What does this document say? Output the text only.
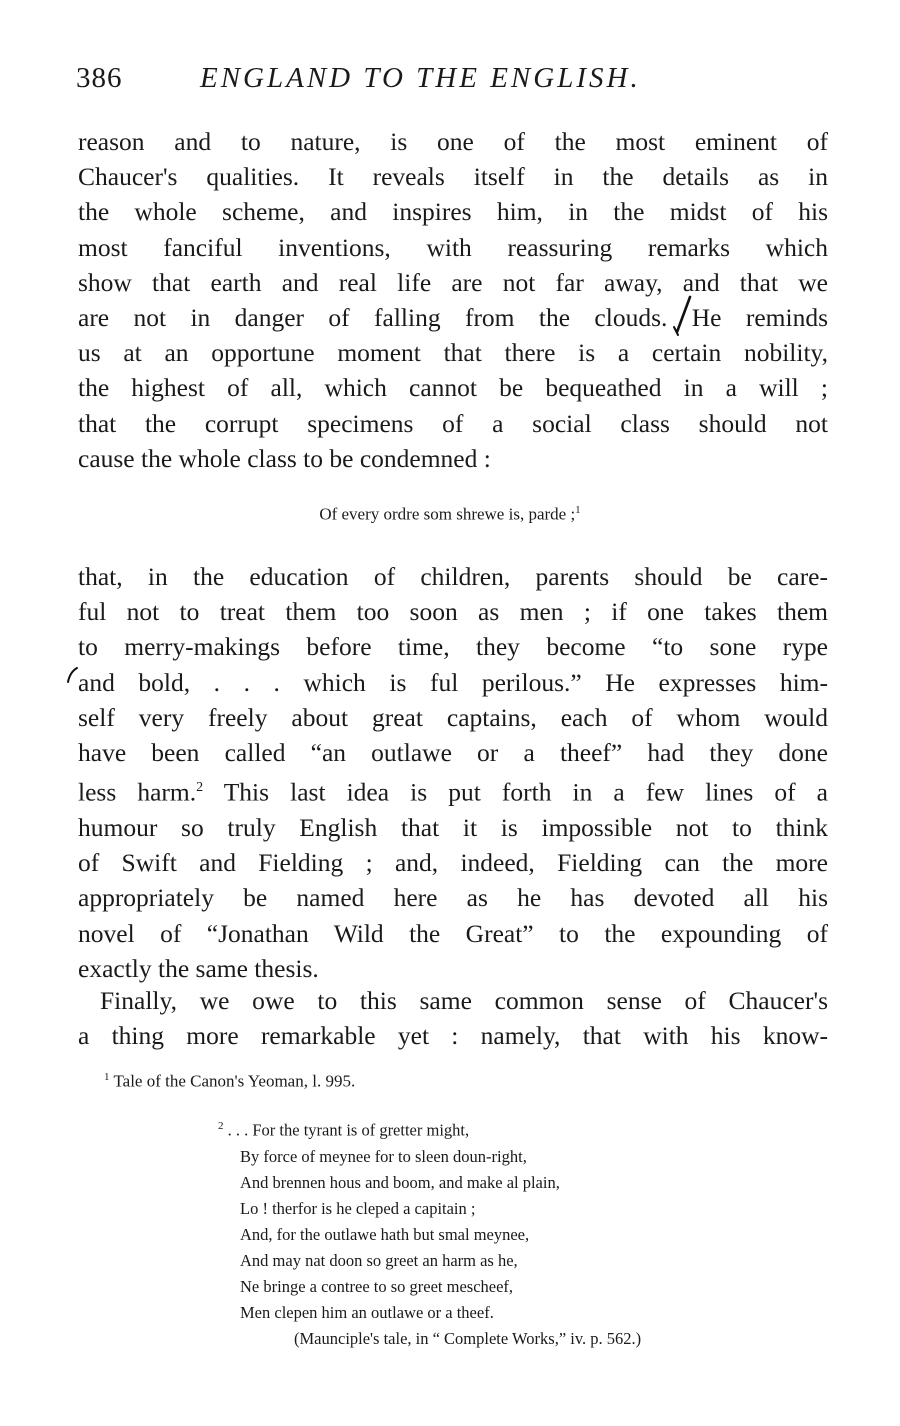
386	ENGLAND TO THE ENGLISH.
reason and to nature, is one of the most eminent of
Chaucer's qualities. It reveals itself in the details as in
the whole scheme, and inspires him, in the midst of his
most fanciful inventions, with reassuring remarks which
show that earth and real life are not far away, and that we
are not in danger of falling from the clouds. He reminds
us at an opportune moment that there is a certain nobility,
the highest of all, which cannot be bequeathed in a will ;
that the corrupt specimens of a social class should not
cause the whole class to be condemned :
Of every ordre som shrewe is, parde ;$^1$
that, in the education of children, parents should be care-
ful not to treat them too soon as men ; if one takes them
to merry-makings before time, they become “to sone rype
and bold, . . . which is ful perilous.” He expresses him-
self very freely about great captains, each of whom would
have been called “an outlawe or a theef” had they done
less harm.$^2$ This last idea is put forth in a few lines of a
humour so truly English that it is impossible not to think
of Swift and Fielding ; and, indeed, Fielding can the more
appropriately be named here as he has devoted all his
novel of “Jonathan Wild the Great” to the expounding of
exactly the same thesis.
Finally, we owe to this same common sense of Chaucer's
a thing more remarkable yet : namely, that with his know-
$^1$ Tale of the Canon's Yeoman, l. 995.
$^2$ . . . For the tyrant is of gretter might,
By force of meynee for to sleen doun-right,
And brennen hous and boom, and make al plain,
Lo ! therfor is he cleped a capitain ;
And, for the outlawe hath but smal meynee,
And may nat doon so greet an harm as he,
Ne bringe a contree to so greet mescheef,
Men clepen him an outlawe or a theef.
(Maunciple's tale, in “ Complete Works,” iv. p. 562.)
